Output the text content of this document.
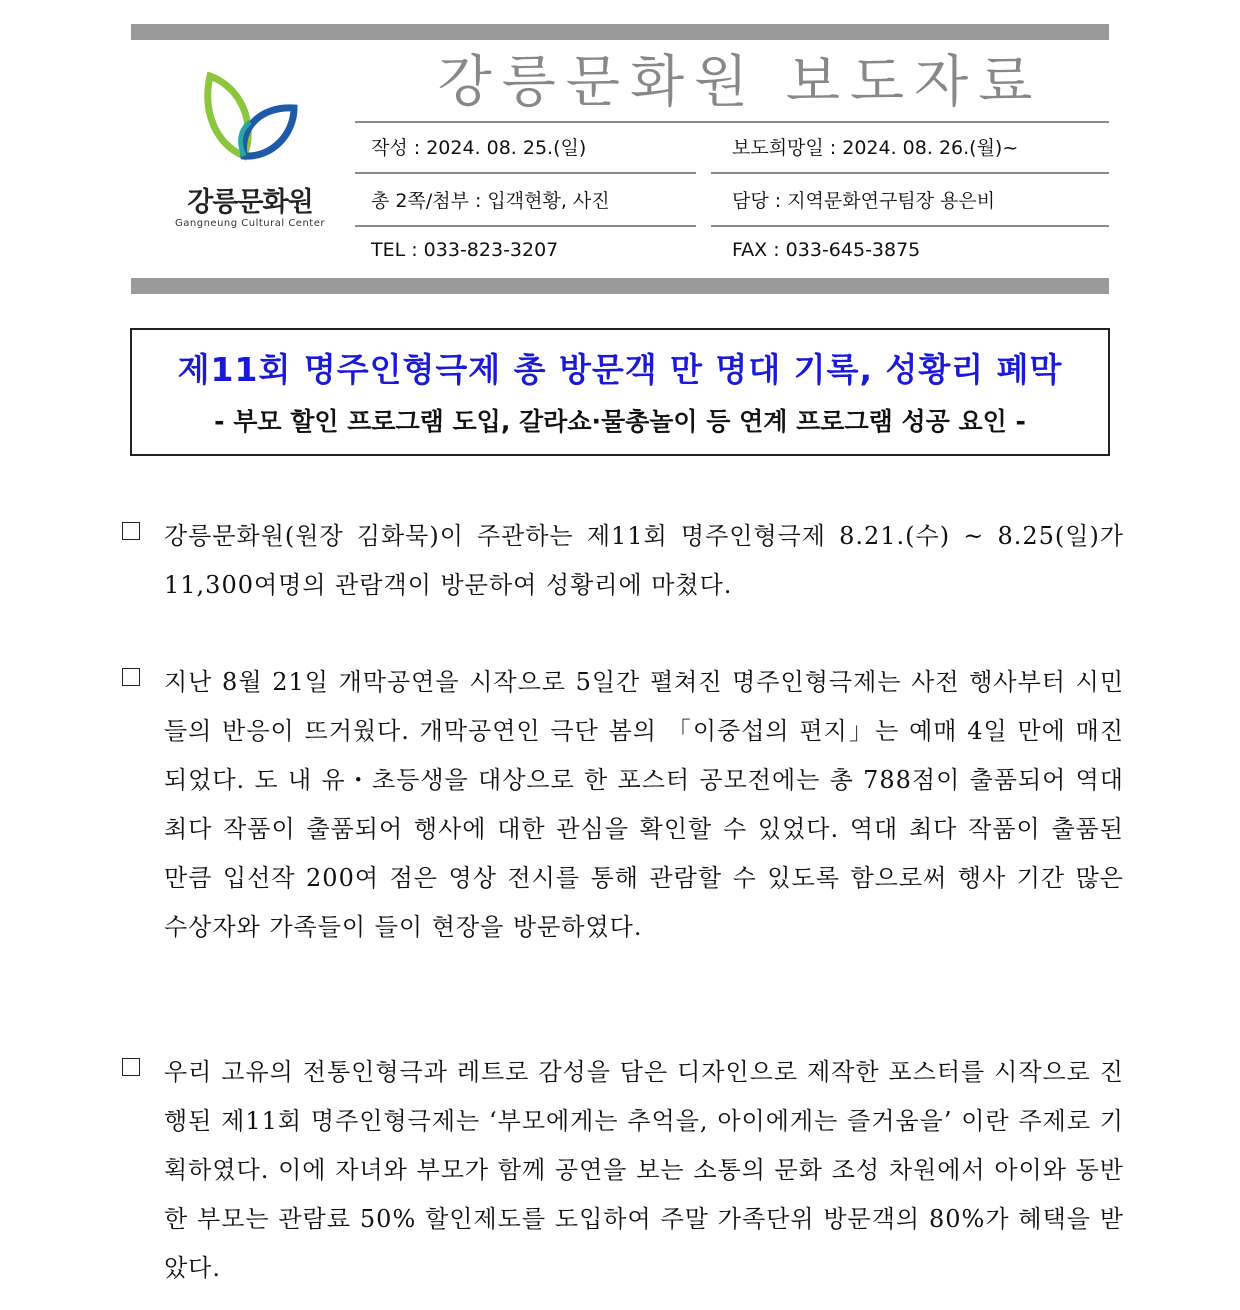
강릉문화원
Gangneung Cultural Center
강릉문화원 보도자료
작성 : 2024. 08. 25.(일)	보도희망일 : 2024. 08. 26.(월)~
총 2쪽/첨부 : 입객현황, 사진	담당 : 지역문화연구팀장 용은비
TEL : 033-823-3207	FAX : 033-645-3875
제11회 명주인형극제 총 방문객 만 명대 기록, 성황리 폐막
- 부모 할인 프로그램 도입, 갈라쇼·물총놀이 등 연계 프로그램 성공 요인 -
강릉문화원(원장 김화묵)이 주관하는 제11회 명주인형극제 8.21.(수) ~ 8.25(일)가 11,300여명의 관람객이 방문하여 성황리에 마쳤다.
지난 8월 21일 개막공연을 시작으로 5일간 펼쳐진 명주인형극제는 사전 행사부터 시민들의 반응이 뜨거웠다. 개막공연인 극단 봄의 「이중섭의 편지」는 예매 4일 만에 매진되었다. 도 내 유・초등생을 대상으로 한 포스터 공모전에는 총 788점이 출품되어 역대 최다 작품이 출품되어 행사에 대한 관심을 확인할 수 있었다. 역대 최다 작품이 출품된 만큼 입선작 200여 점은 영상 전시를 통해 관람할 수 있도록 함으로써 행사 기간 많은 수상자와 가족들이 들이 현장을 방문하였다.
우리 고유의 전통인형극과 레트로 감성을 담은 디자인으로 제작한 포스터를 시작으로 진행된 제11회 명주인형극제는 ‘부모에게는 추억을, 아이에게는 즐거움을’ 이란 주제로 기획하였다. 이에 자녀와 부모가 함께 공연을 보는 소통의 문화 조성 차원에서 아이와 동반한 부모는 관람료 50% 할인제도를 도입하여 주말 가족단위 방문객의 80%가 혜택을 받았다.
